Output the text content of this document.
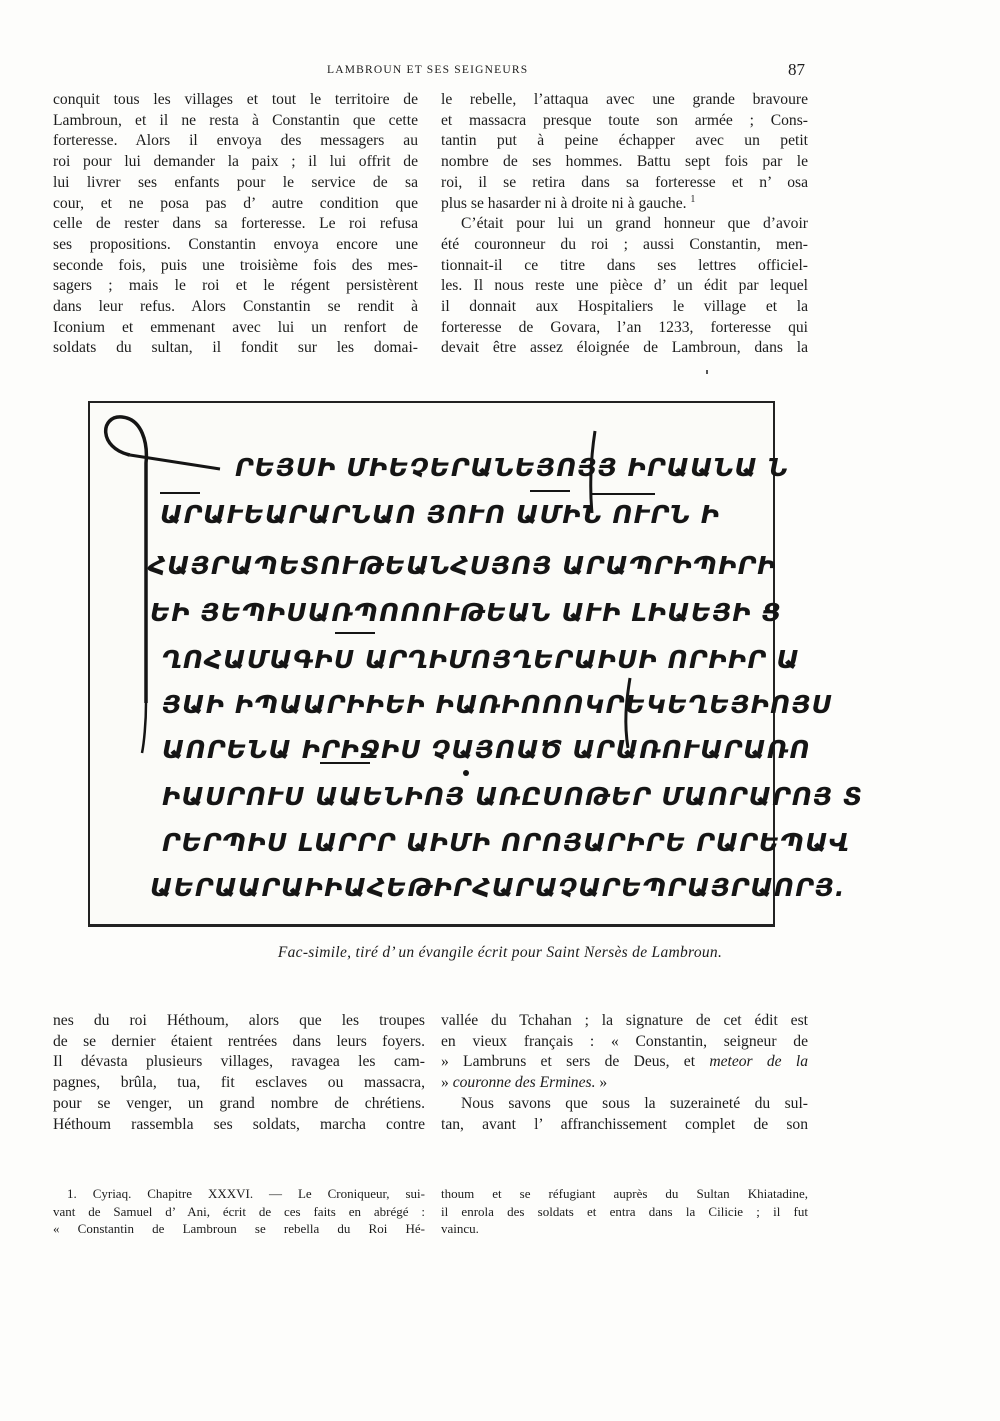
LAMBROUN ET SES SEIGNEURS	87
conquit tous les villages et tout le territoire de
Lambroun, et il ne resta à Constantin que cette
forteresse. Alors il envoya des messagers au
roi pour lui demander la paix ; il lui offrit de
lui livrer ses enfants pour le service de sa
cour, et ne posa pas d’ autre condition que
celle de rester dans sa forteresse. Le roi refusa
ses propositions. Constantin envoya encore une
seconde fois, puis une troisième fois des mes-
sagers ; mais le roi et le régent persistèrent
dans leur refus. Alors Constantin se rendit à
Iconium et emmenant avec lui un renfort de
soldats du sultan, il fondit sur les domai-
le rebelle, l’attaqua avec une grande bravoure
et massacra presque toute son armée ; Cons-
tantin put à peine échapper avec un petit
nombre de ses hommes. Battu sept fois par le
roi, il se retira dans sa forteresse et n’ osa
plus se hasarder ni à droite ni à gauche. $^1$
C’était pour lui un grand honneur que d’avoir
été couronneur du roi ; aussi Constantin, men-
tionnait-il ce titre dans ses lettres officiel-
les. Il nous reste une pièce d’ un édit par lequel
il donnait aux Hospitaliers le village et la
forteresse de Govara, l’an 1233, forteresse qui
devait être assez éloignée de Lambroun, dans la
ՐԵՅՍԻ ՄԻԵՉԵՐԱՆԵՅՈՅՅ ԻՐԱԱՆԱ Ն
ԱՐԱՒԵԱՐԱՐՆԱՈ ՅՈՒՈ ԱՄԻՆ ՈՒՐՆ Ի
ՀԱՅՐԱՊԵՏՈՒԹԵԱՆՀՍՅՈՅ ԱՐԱՊՐԻՊԻՐԻ
ԵԻ ՅԵՊԻՍԱՌՊՈՈՈՒԹԵԱՆ ԱՒԻ ԼԻԱԵՅԻ Ց
ՂՈՀԱՄԱԳԻՍ ԱՐՂԻՄՈՅՂԵՐԱԻՍԻ ՈՐԻԻՐ Ա
ՅԱԻ ԻՊԱԱՐԻԻԵԻ ԻԱՌԻՈՈՈԿՐԵԿԵՂԵՅԻՈՅՍ
ԱՈՐԵՆԱ ԻՐԻՋԻՍ ՉԱՅՈԱԾ ԱՐԱՌՈՒԱՐԱՌՈ
ԻԱՍՐՈՒՍ ԱԱԵՆԻՈՅ ԱՌԸՍՈԹԵՐ ՄԱՈՐԱՐՈՅ Տ
ՐԵՐՊԻՍ ԼԱՐՐՐ ԱԻՄԻ ՈՐՈՅԱՐԻՐԵ ՐԱՐԵՊԱՎ
ԱԵՐԱԱՐԱԻԻԱՀԵԹԻՐՀԱՐԱՉԱՐԵՊՐԱՅՐԱՈՐՅ.
Fac-simile, tiré d’ un évangile écrit pour Saint Nersès de Lambroun.
nes du roi Héthoum, alors que les troupes
de se dernier étaient rentrées dans leurs foyers.
Il dévasta plusieurs villages, ravagea les cam-
pagnes, brûla, tua, fit esclaves ou massacra,
pour se venger, un grand nombre de chrétiens.
Héthoum rassembla ses soldats, marcha contre
vallée du Tchahan ; la signature de cet édit est
en vieux français : « Constantin, seigneur de
» Lambruns et sers de Deus, et meteor de la
» couronne des Ermines. »
Nous savons que sous la suzeraineté du sul-
tan, avant l’ affranchissement complet de son
1. Cyriaq. Chapitre XXXVI. — Le Croniqueur, sui-
vant de Samuel d’ Ani, écrit de ces faits en abrégé :
« Constantin de Lambroun se rebella du Roi Hé-
thoum et se réfugiant auprès du Sultan Khiatadine,
il enrola des soldats et entra dans la Cilicie ; il fut
vaincu.
